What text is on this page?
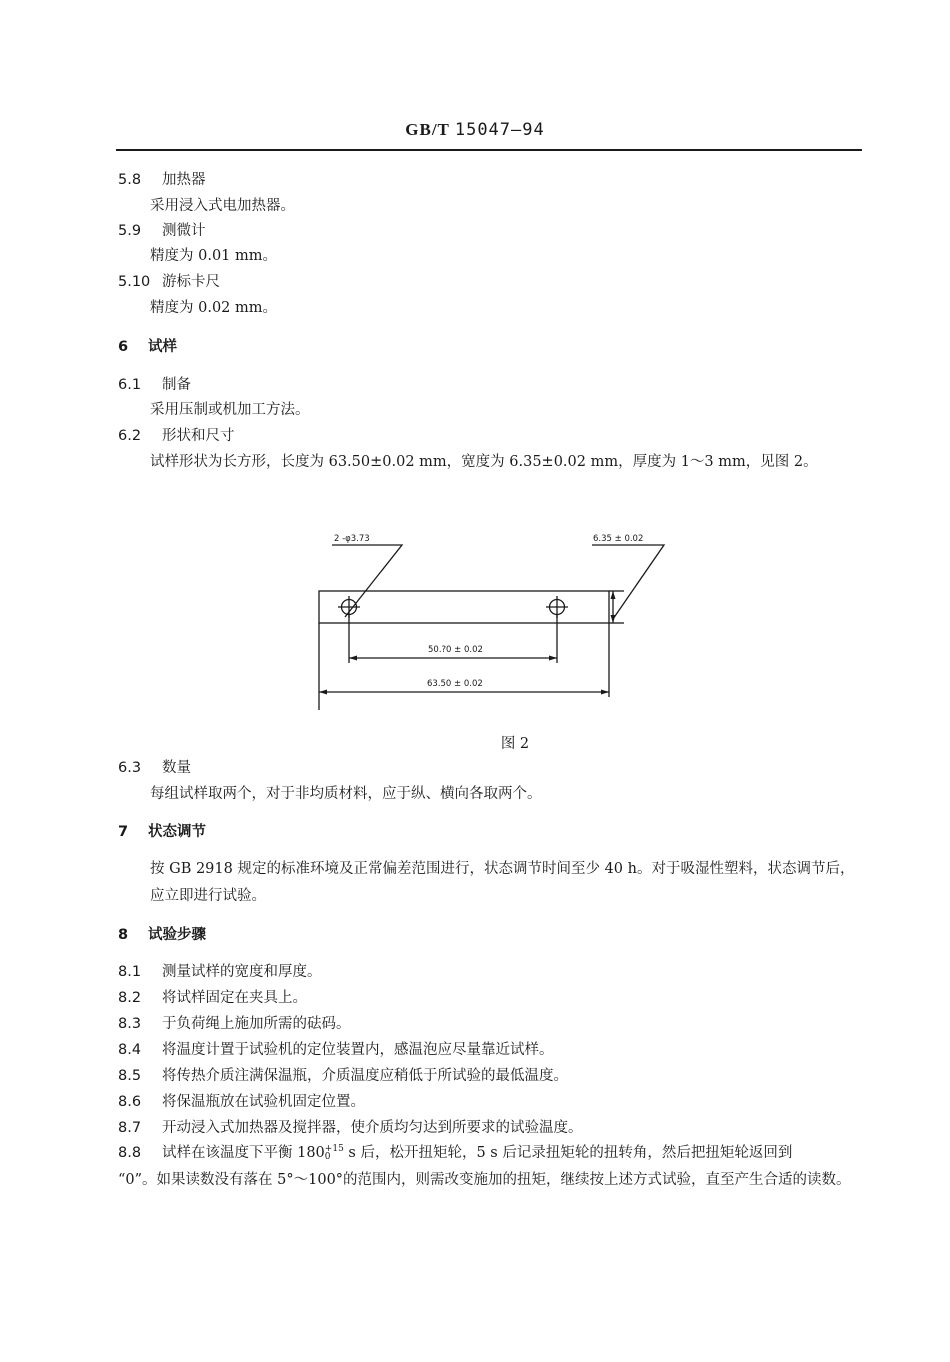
GB/T 15047—94
5.8 加热器
采用浸入式电加热器。
5.9 测微计
精度为 0.01 mm。
5.10 游标卡尺
精度为 0.02 mm。
6 试样
6.1 制备
采用压制或机加工方法。
6.2 形状和尺寸
试样形状为长方形，长度为 63.50±0.02 mm，宽度为 6.35±0.02 mm，厚度为 1～3 mm，见图 2。
2 -φ3.73	6.35 ± 0.02
50.?0 ± 0.02
63.50 ± 0.02
图 2
6.3 数量
每组试样取两个，对于非均质材料，应于纵、横向各取两个。
7 状态调节
按 GB 2918 规定的标准环境及正常偏差范围进行，状态调节时间至少 40 h。对于吸湿性塑料，状态调节后，应立即进行试验。
8 试验步骤
8.1 测量试样的宽度和厚度。
8.2 将试样固定在夹具上。
8.3 于负荷绳上施加所需的砝码。
8.4 将温度计置于试验机的定位装置内，感温泡应尽量靠近试样。
8.5 将传热介质注满保温瓶，介质温度应稍低于所试验的最低温度。
8.6 将保温瓶放在试验机固定位置。
8.7 开动浸入式加热器及搅拌器，使介质均匀达到所要求的试验温度。
8.8 试样在该温度下平衡 180 +15
0 s 后，松开扭矩轮，5 s 后记录扭矩轮的扭转角，然后把扭矩轮返回到
“0”。如果读数没有落在 5°～100°的范围内，则需改变施加的扭矩，继续按上述方式试验，直至产生合适的读数。
